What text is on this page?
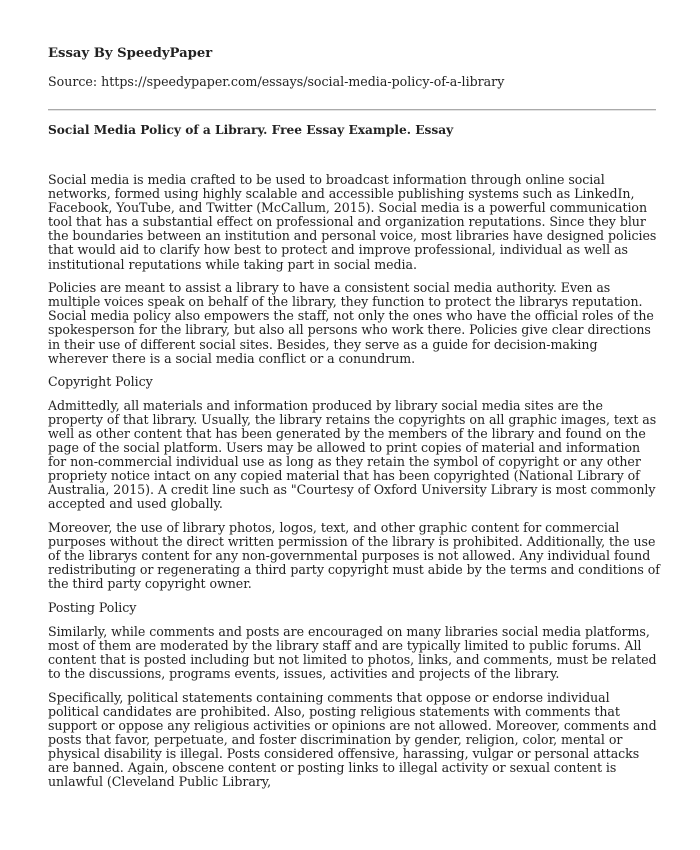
Essay By SpeedyPaper

Source: https://speedypaper.com/essays/social-media-policy-of-a-library

Social Media Policy of a Library. Free Essay Example. Essay

Social media is media crafted to be used to broadcast information through online social networks, formed using highly scalable and accessible publishing systems such as LinkedIn, Facebook, YouTube, and Twitter (McCallum, 2015). Social media is a powerful communication tool that has a substantial effect on professional and organization reputations. Since they blur the boundaries between an institution and personal voice, most libraries have designed policies that would aid to clarify how best to protect and improve professional, individual as well as institutional reputations while taking part in social media.

Policies are meant to assist a library to have a consistent social media authority. Even as multiple voices speak on behalf of the library, they function to protect the librarys reputation. Social media policy also empowers the staff, not only the ones who have the official roles of the spokesperson for the library, but also all persons who work there. Policies give clear directions in their use of different social sites. Besides, they serve as a guide for decision-making wherever there is a social media conflict or a conundrum.

Copyright Policy

Admittedly, all materials and information produced by library social media sites are the property of that library. Usually, the library retains the copyrights on all graphic images, text as well as other content that has been generated by the members of the library and found on the page of the social platform. Users may be allowed to print copies of material and information for non-commercial individual use as long as they retain the symbol of copyright or any other propriety notice intact on any copied material that has been copyrighted (National Library of Australia, 2015). A credit line such as "Courtesy of Oxford University Library is most commonly accepted and used globally.

Moreover, the use of library photos, logos, text, and other graphic content for commercial purposes without the direct written permission of the library is prohibited. Additionally, the use of the librarys content for any non-governmental purposes is not allowed. Any individual found redistributing or regenerating a third party copyright must abide by the terms and conditions of the third party copyright owner.

Posting Policy

Similarly, while comments and posts are encouraged on many libraries social media platforms, most of them are moderated by the library staff and are typically limited to public forums. All content that is posted including but not limited to photos, links, and comments, must be related to the discussions, programs events, issues, activities and projects of the library.

Specifically, political statements containing comments that oppose or endorse individual political candidates are prohibited. Also, posting religious statements with comments that support or oppose any religious activities or opinions are not allowed. Moreover, comments and posts that favor, perpetuate, and foster discrimination by gender, religion, color, mental or physical disability is illegal. Posts considered offensive, harassing, vulgar or personal attacks are banned. Again, obscene content or posting links to illegal activity or sexual content is unlawful (Cleveland Public Library,
